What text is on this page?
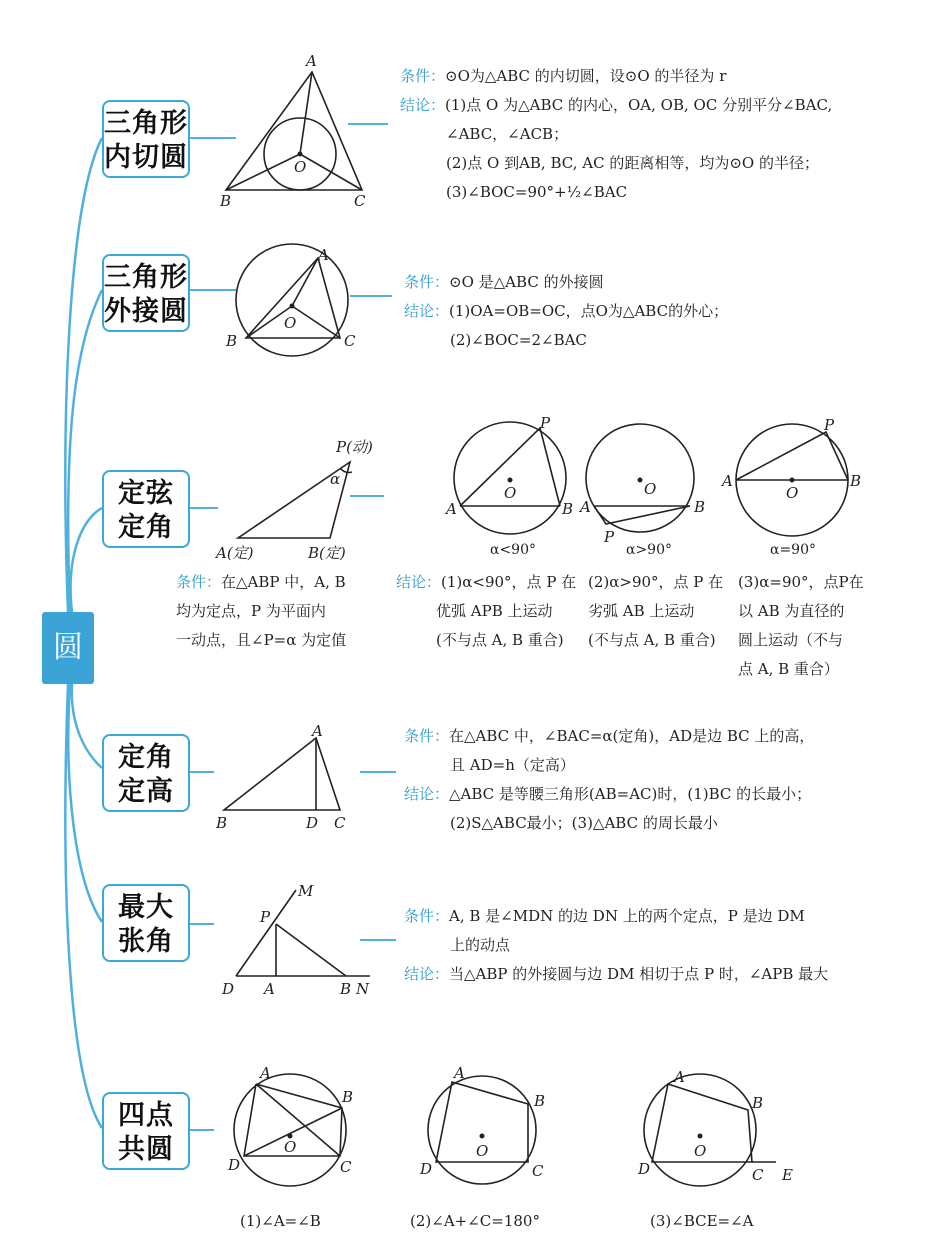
A
B	C
O
A
B	C
O
P(动)
α
A(定)	B(定)
A	B
P
O
A	B
P
O	A	B
P
O
α<90°	α>90°	α=90°
A
B	D C
M
P
D A	B N
A
B
C
D
O
A
B
C
D
O
A
B
C
D
O
E
圆
三角形
内切圆
三角形
外接圆
定弦
定角
定角
定高
最大
张角
四点
共圆
条件：⊙O为△ABC 的内切圆，设⊙O 的半径为 r
结论：(1)点 O 为△ABC 的内心，OA, OB, OC 分别平分∠BAC,
∠ABC，∠ACB；
(2)点 O 到AB, BC, AC 的距离相等，均为⊙O 的半径；
(3)∠BOC=90°+½∠BAC
条件：⊙O 是△ABC 的外接圆
结论：(1)OA=OB=OC，点O为△ABC的外心；
(2)∠BOC=2∠BAC
条件：在△ABP 中，A, B
均为定点，P 为平面内
一动点，且∠P=α 为定值
结论：(1)α<90°，点 P 在
优弧 APB 上运动
(不与点 A, B 重合)
(2)α>90°，点 P 在
劣弧 AB 上运动
(不与点 A, B 重合)
(3)α=90°，点P在
以 AB 为直径的
圆上运动（不与
点 A, B 重合）
条件：在△ABC 中，∠BAC=α(定角)，AD是边 BC 上的高，
且 AD=h（定高）
结论：△ABC 是等腰三角形(AB=AC)时，(1)BC 的长最小；
(2)S△ABC最小；(3)△ABC 的周长最小
条件：A, B 是∠MDN 的边 DN 上的两个定点，P 是边 DM
上的动点
结论：当△ABP 的外接圆与边 DM 相切于点 P 时，∠APB 最大
(1)∠A=∠B	(2)∠A+∠C=180°	(3)∠BCE=∠A
